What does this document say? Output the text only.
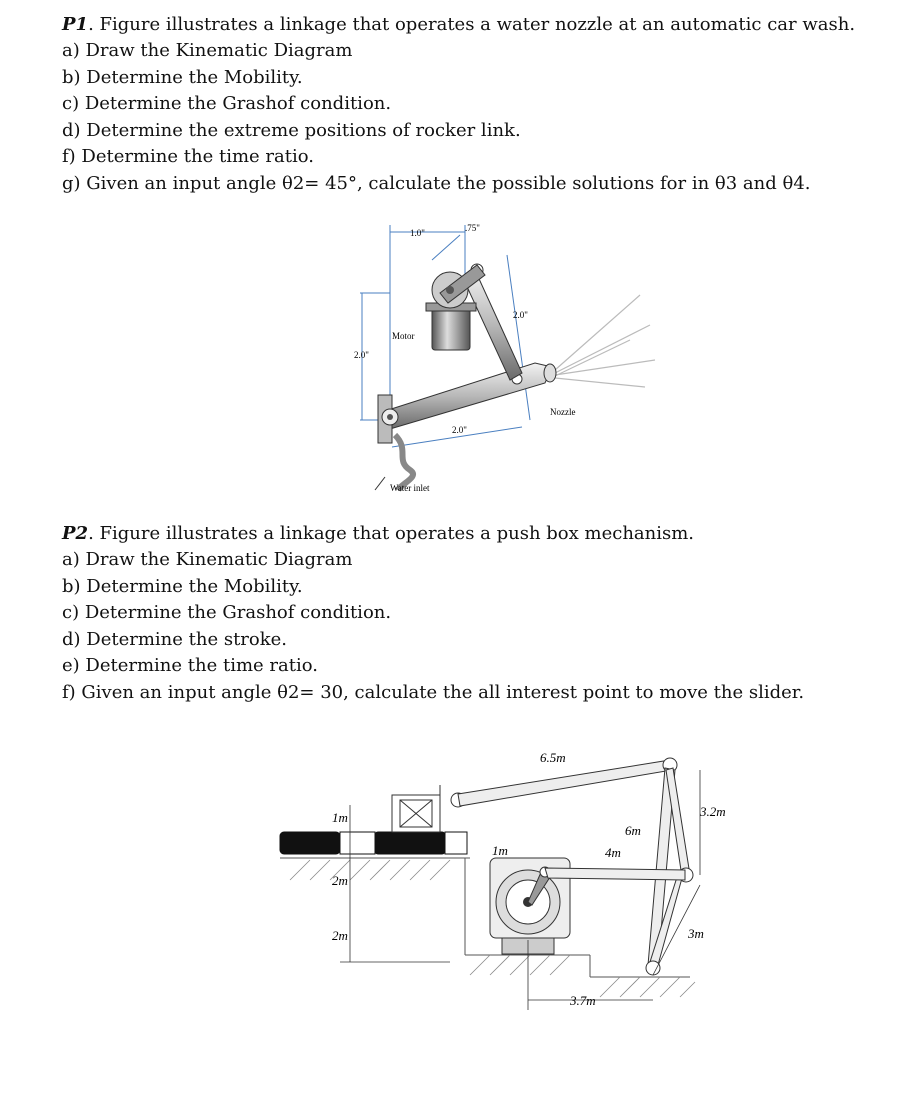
P1. Figure illustrates a linkage that operates a water nozzle at an automatic car wash.
a) Draw the Kinematic Diagram
b) Determine the Mobility.
c) Determine the Grashof condition.
d) Determine the extreme positions of rocker link.
f) Determine the time ratio.
g) Given an input angle θ2= 45°, calculate the possible solutions for in θ3 and θ4.
1.0"	.75"
2.0"
2.0"
2.0"
Motor
Nozzle
Water inlet
P2. Figure illustrates a linkage that operates a push box mechanism.
a) Draw the Kinematic Diagram
b) Determine the Mobility.
c) Determine the Grashof condition.
d) Determine the stroke.
e) Determine the time ratio.
f) Given an input angle θ2= 30, calculate the all interest point to move the slider.
6.5m
3.2m
6m
4m
1m
1m
2m
2m	3m
3.7m
